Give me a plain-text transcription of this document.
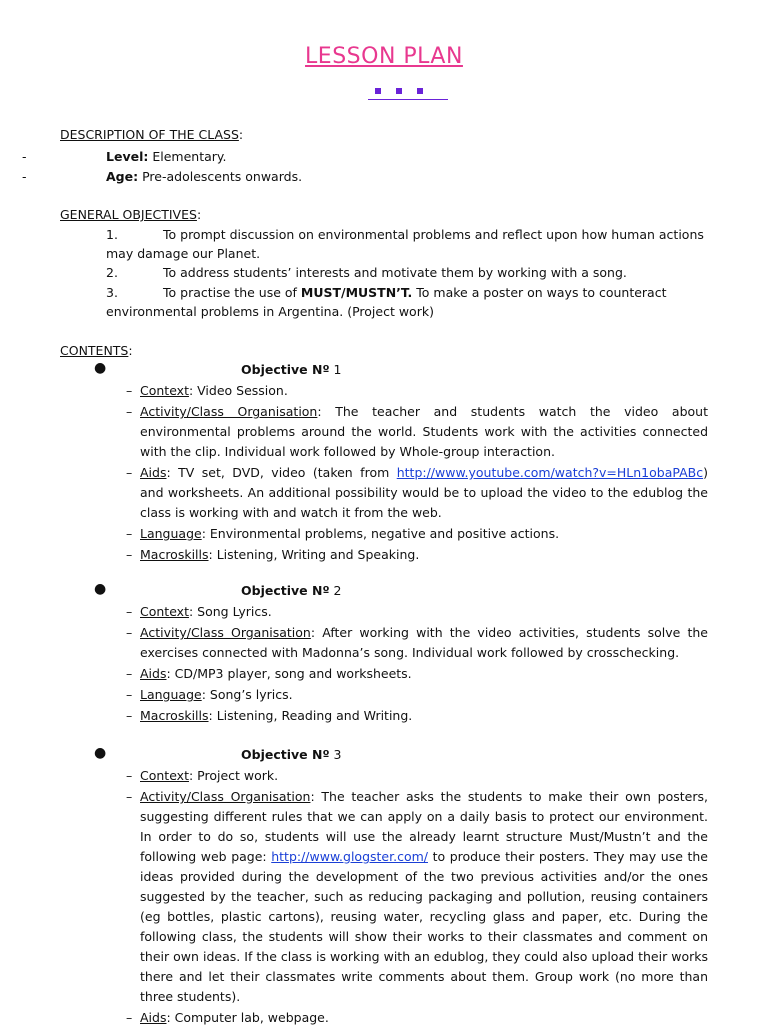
LESSON PLAN
DESCRIPTION OF THE CLASS:
-	Level: Elementary.
-	Age: Pre-adolescents onwards.
GENERAL OBJECTIVES:
1.	To prompt discussion on environmental problems and reflect upon how human actions
may damage our Planet.
2.	To address students’ interests and motivate them by working with a song.
3.	To practise the use of MUST/MUSTN’T. To make a poster on ways to counteract
environmental problems in Argentina. (Project work)
CONTENTS:
●	Objective Nº 1
– Context: Video Session.
– Activity/Class Organisation: The teacher and students watch the video about environmental problems around the world. Students work with the activities connected with the clip. Individual work followed by Whole-group interaction.
– Aids: TV set, DVD, video (taken from http://www.youtube.com/watch?v=HLn1obaPABc) and worksheets. An additional possibility would be to upload the video to the edublog the class is working with and watch it from the web.
– Language: Environmental problems, negative and positive actions.
– Macroskills: Listening, Writing and Speaking.
●	Objective Nº 2
– Context: Song Lyrics.
– Activity/Class Organisation: After working with the video activities, students solve the exercises connected with Madonna’s song. Individual work followed by crosschecking.
– Aids: CD/MP3 player, song and worksheets.
– Language: Song’s lyrics.
– Macroskills: Listening, Reading and Writing.
●	Objective Nº 3
– Context: Project work.
– Activity/Class Organisation: The teacher asks the students to make their own posters, suggesting different rules that we can apply on a daily basis to protect our environment. In order to do so, students will use the already learnt structure Must/Mustn’t and the following web page: http://www.glogster.com/ to produce their posters. They may use the ideas provided during the development of the two previous activities and/or the ones suggested by the teacher, such as reducing packaging and pollution, reusing containers (eg bottles, plastic cartons), reusing water, recycling glass and paper, etc. During the following class, the students will show their works to their classmates and comment on their own ideas. If the class is working with an edublog, they could also upload their works there and let their classmates write comments about them. Group work (no more than three students).
– Aids: Computer lab, webpage.
